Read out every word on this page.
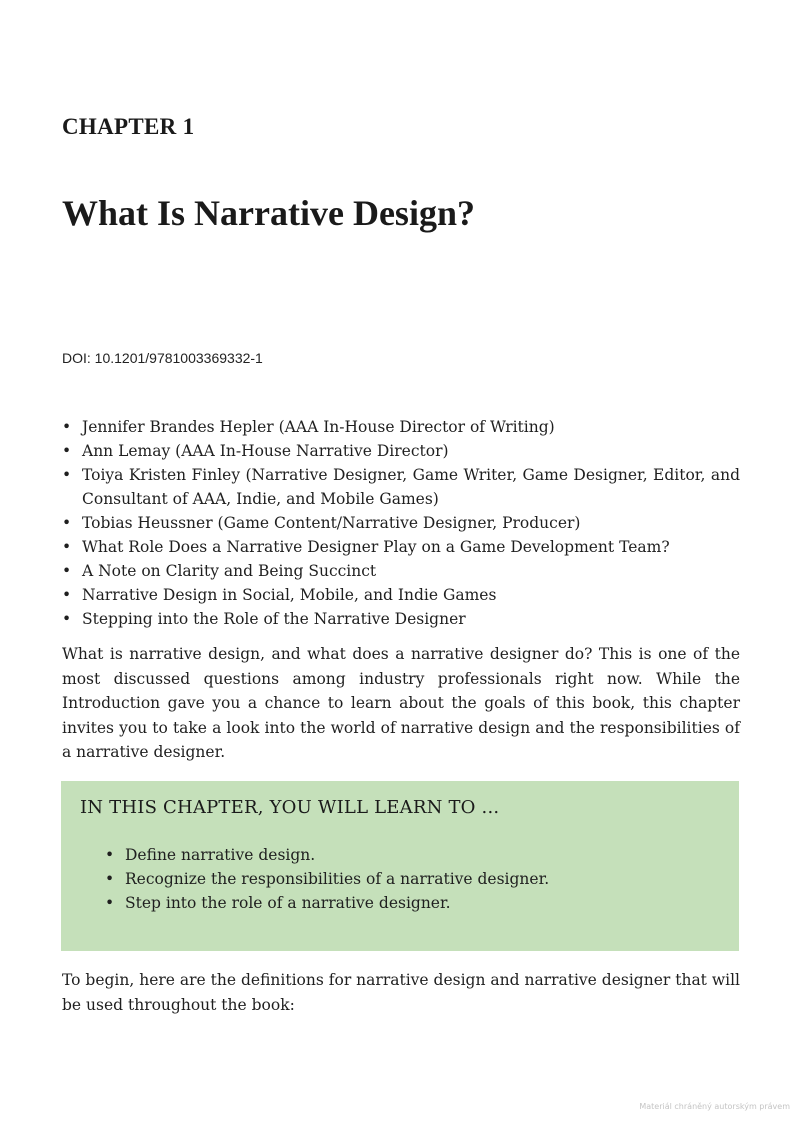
CHAPTER 1
What Is Narrative Design?
DOI: 10.1201/9781003369332-1
• Jennifer Brandes Hepler (AAA In-House Director of Writing)
• Ann Lemay (AAA In-House Narrative Director)
• Toiya Kristen Finley (Narrative Designer, Game Writer, Game Designer, Editor, and Consultant of AAA, Indie, and Mobile Games)
• Tobias Heussner (Game Content/Narrative Designer, Producer)
• What Role Does a Narrative Designer Play on a Game Development Team?
• A Note on Clarity and Being Succinct
• Narrative Design in Social, Mobile, and Indie Games
• Stepping into the Role of the Narrative Designer

What is narrative design, and what does a narrative designer do? This is one of the most discussed questions among industry professionals right now. While the Introduction gave you a chance to learn about the goals of this book, this chapter invites you to take a look into the world of narrative design and the responsibilities of a narrative designer.

IN THIS CHAPTER, YOU WILL LEARN TO ...
• Define narrative design.
• Recognize the responsibilities of a narrative designer.
• Step into the role of a narrative designer.

To begin, here are the definitions for narrative design and narrative designer that will be used throughout the book:

Materiál chráněný autorským právem
